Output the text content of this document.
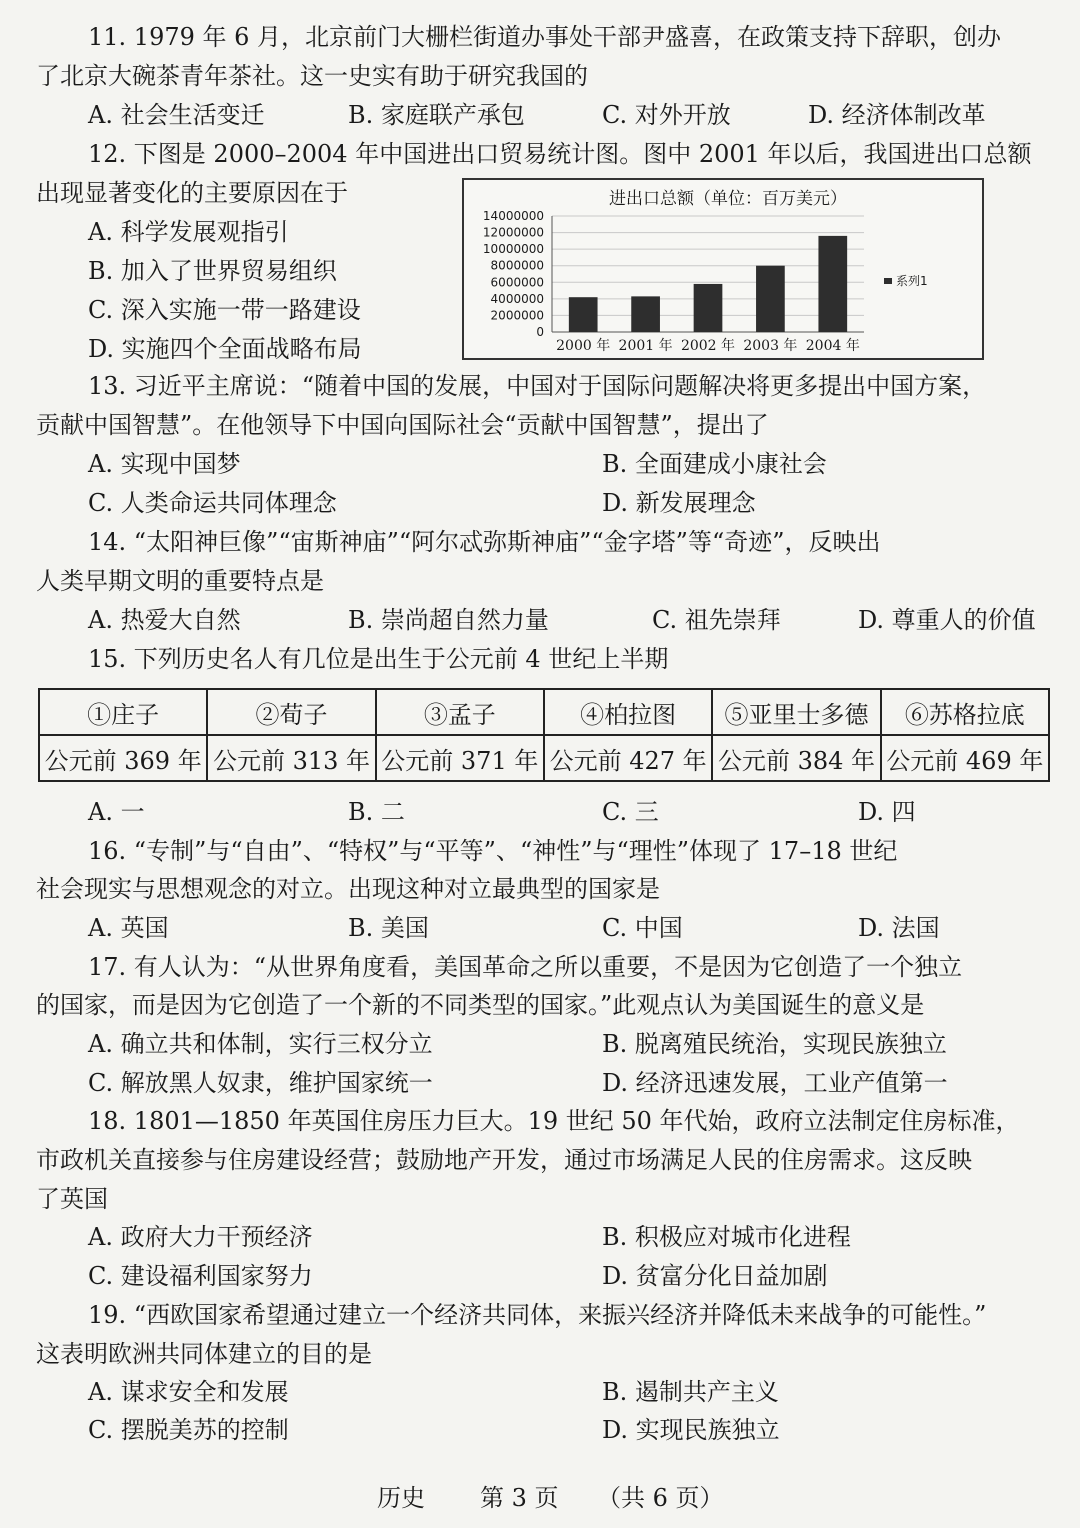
11. 1979 年 6 月，北京前门大栅栏街道办事处干部尹盛喜，在政策支持下辞职，创办
了北京大碗茶青年茶社。这一史实有助于研究我国的
A. 社会生活变迁	B. 家庭联产承包	C. 对外开放	D. 经济体制改革
12. 下图是 2000–2004 年中国进出口贸易统计图。图中 2001 年以后，我国进出口总额
出现显著变化的主要原因在于
A. 科学发展观指引
B. 加入了世界贸易组织
C. 深入实施一带一路建设
D. 实施四个全面战略布局
进出口总额（单位：百万美元）
0
2000000
4000000
6000000
8000000
10000000
12000000
14000000
2000 年 2001 年 2002 年 2003 年 2004 年
系列1
13. 习近平主席说：“随着中国的发展，中国对于国际问题解决将更多提出中国方案，
贡献中国智慧”。在他领导下中国向国际社会“贡献中国智慧”，提出了
A. 实现中国梦	B. 全面建成小康社会
C. 人类命运共同体理念	D. 新发展理念
14. “太阳神巨像”“宙斯神庙”“阿尔忒弥斯神庙”“金字塔”等“奇迹”，反映出
人类早期文明的重要特点是
A. 热爱大自然	B. 崇尚超自然力量	C. 祖先崇拜	D. 尊重人的价值
15. 下列历史名人有几位是出生于公元前 4 世纪上半期
①庄子	②荀子	③孟子	④柏拉图	⑤亚里士多德	⑥苏格拉底
公元前 369 年	公元前 313 年	公元前 371 年	公元前 427 年	公元前 384 年	公元前 469 年
A. 一	B. 二	C. 三	D. 四
16. “专制”与“自由”、“特权”与“平等”、“神性”与“理性”体现了 17–18 世纪
社会现实与思想观念的对立。出现这种对立最典型的国家是
A. 英国	B. 美国	C. 中国	D. 法国
17. 有人认为：“从世界角度看，美国革命之所以重要，不是因为它创造了一个独立
的国家，而是因为它创造了一个新的不同类型的国家。”此观点认为美国诞生的意义是
A. 确立共和体制，实行三权分立	B. 脱离殖民统治，实现民族独立
C. 解放黑人奴隶，维护国家统一	D. 经济迅速发展，工业产值第一
18. 1801—1850 年英国住房压力巨大。19 世纪 50 年代始，政府立法制定住房标准，
市政机关直接参与住房建设经营；鼓励地产开发，通过市场满足人民的住房需求。这反映
了英国
A. 政府大力干预经济	B. 积极应对城市化进程
C. 建设福利国家努力	D. 贫富分化日益加剧
19. “西欧国家希望通过建立一个经济共同体，来振兴经济并降低未来战争的可能性。”
这表明欧洲共同体建立的目的是
A. 谋求安全和发展	B. 遏制共产主义
C. 摆脱美苏的控制	D. 实现民族独立
历史 第 3 页 （共 6 页）
